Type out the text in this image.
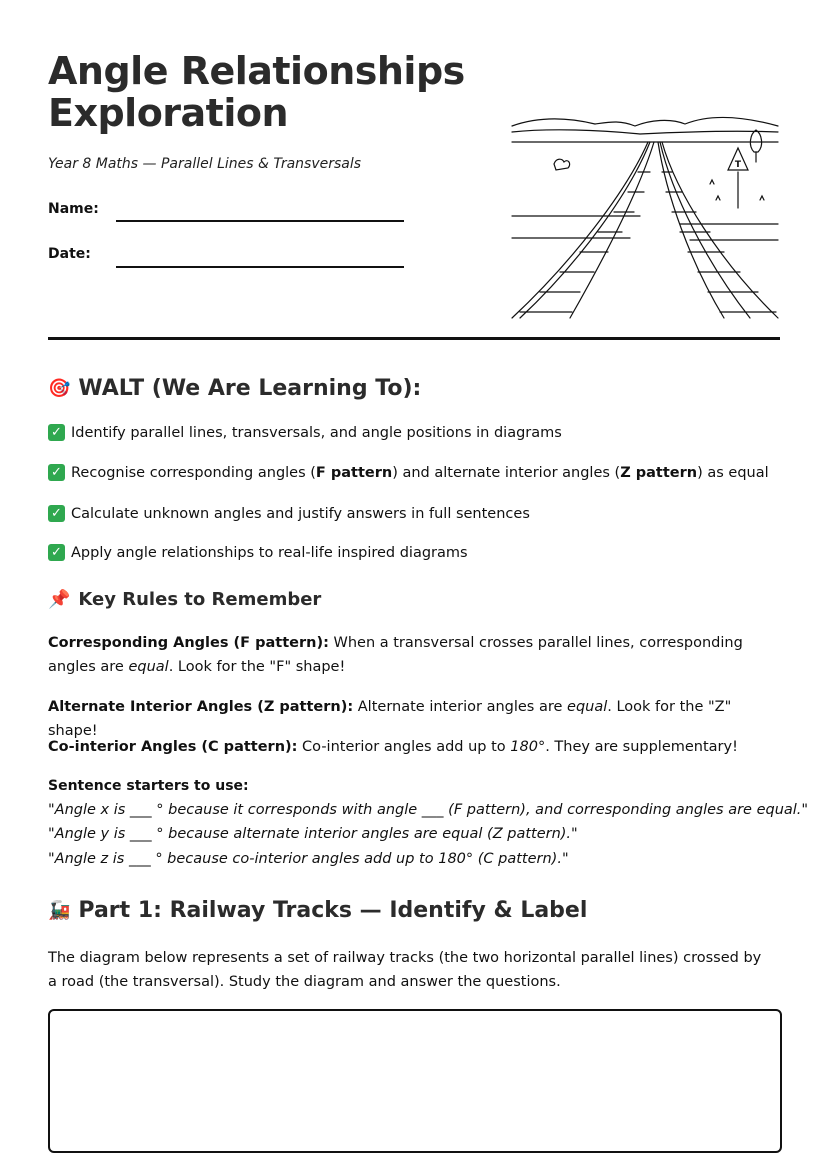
Angle Relationships
Exploration
Year 8 Maths — Parallel Lines & Transversals
Name:
Date:
T
🎯 WALT (We Are Learning To):
✓ Identify parallel lines, transversals, and angle positions in diagrams
✓ Recognise corresponding angles (F pattern) and alternate interior angles (Z pattern) as equal
✓ Calculate unknown angles and justify answers in full sentences
✓ Apply angle relationships to real-life inspired diagrams
📌 Key Rules to Remember

Corresponding Angles (F pattern): When a transversal crosses parallel lines, corresponding angles are equal. Look for the "F" shape!

Alternate Interior Angles (Z pattern): Alternate interior angles are equal. Look for the "Z" shape!

Co-interior Angles (C pattern): Co-interior angles add up to 180°. They are supplementary!

Sentence starters to use:
"Angle x is ___ ° because it corresponds with angle ___ (F pattern), and corresponding angles are equal."
"Angle y is ___ ° because alternate interior angles are equal (Z pattern)."
"Angle z is ___ ° because co-interior angles add up to 180° (C pattern)."
🚂 Part 1: Railway Tracks — Identify & Label

The diagram below represents a set of railway tracks (the two horizontal parallel lines) crossed by a road (the transversal). Study the diagram and answer the questions.
